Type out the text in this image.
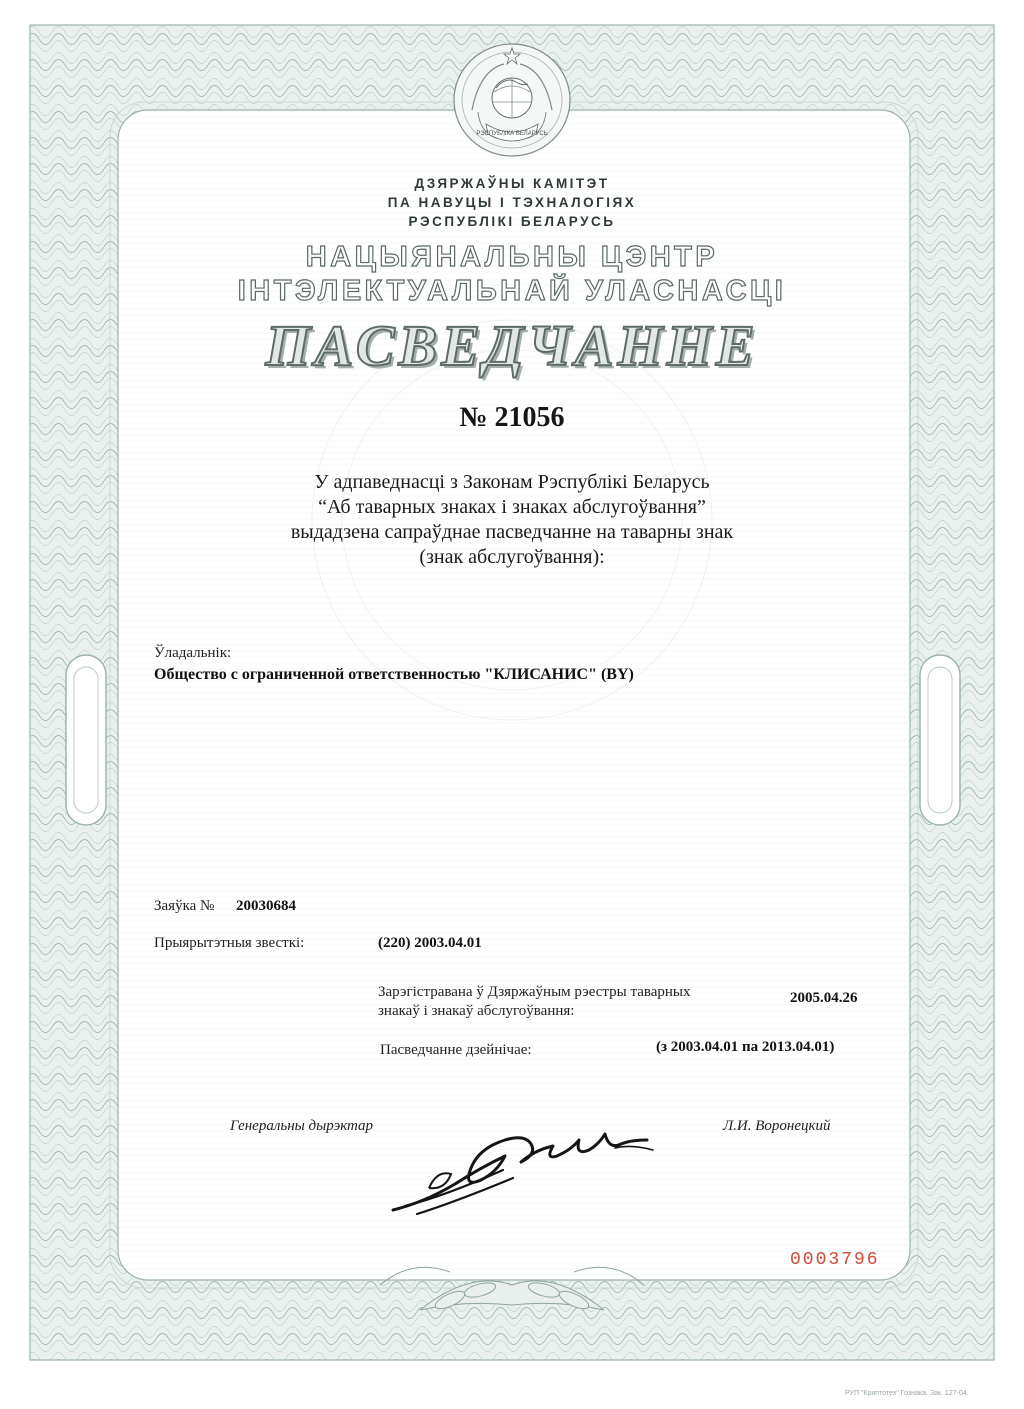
РЭСПУБЛІКА БЕЛАРУСЬ
ДЗЯРЖАЎНЫ КАМІТЭТ
ПА НАВУЦЫ І ТЭХНАЛОГІЯХ
РЭСПУБЛІКІ БЕЛАРУСЬ
НАЦЫЯНАЛЬНЫ ЦЭНТР
ІНТЭЛЕКТУАЛЬНАЙ УЛАСНАСЦІ
ПАСВЕДЧАННЕ
№ 21056
У адпаведнасці з Законам Рэспублікі Беларусь
“Аб таварных знаках і знаках абслугоўвання”
выдадзена сапраўднае пасведчанне на таварны знак
(знак абслугоўвання):
Ўладальнік:
Общество с ограниченной ответственностью "КЛИСАНИС" (BY)
Заяўка № 20030684
Прыярытэтныя звесткі:	(220) 2003.04.01
Зарэгістравана ў Дзяржаўным рэестры таварных знакаў і знакаў абслугоўвання:
2005.04.26
Пасведчанне дзейнічае:	(з 2003.04.01 па 2013.04.01)
Генеральны дырэктар	Л.И. Воронецкий
0003796
РУП "Криптотех" Гознака. Зак. 127-04.
